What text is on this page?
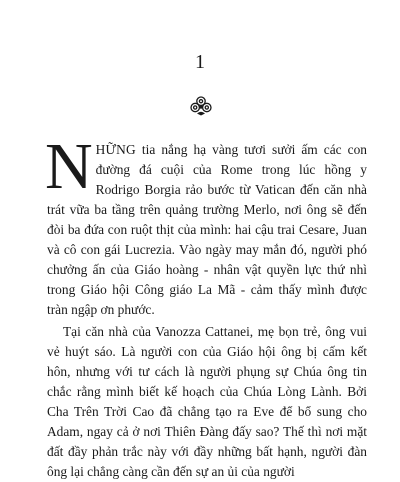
1

NHỮNG tia nắng hạ vàng tươi sưởi ấm các con đường đá cuội của Rome trong lúc hồng y Rodrigo Borgia rảo bước từ Vatican đến căn nhà trát vữa ba tầng trên quảng trường Merlo, nơi ông sẽ đến đòi ba đứa con ruột thịt của mình: hai cậu trai Cesare, Juan và cô con gái Lucrezia. Vào ngày may mắn đó, người phó chưởng ấn của Giáo hoàng - nhân vật quyền lực thứ nhì trong Giáo hội Công giáo La Mã - cảm thấy mình được tràn ngập ơn phước.

Tại căn nhà của Vanozza Cattanei, mẹ bọn trẻ, ông vui vẻ huýt sáo. Là người con của Giáo hội ông bị cấm kết hôn, nhưng với tư cách là người phụng sự Chúa ông tin chắc rằng mình biết kế hoạch của Chúa Lòng Lành. Bởi Cha Trên Trời Cao đã chẳng tạo ra Eve để bổ sung cho Adam, ngay cả ở nơi Thiên Đàng đấy sao? Thế thì nơi mặt đất đầy phản trắc này với đầy những bất hạnh, người đàn ông lại chẳng càng cần đến sự an ủi của người
